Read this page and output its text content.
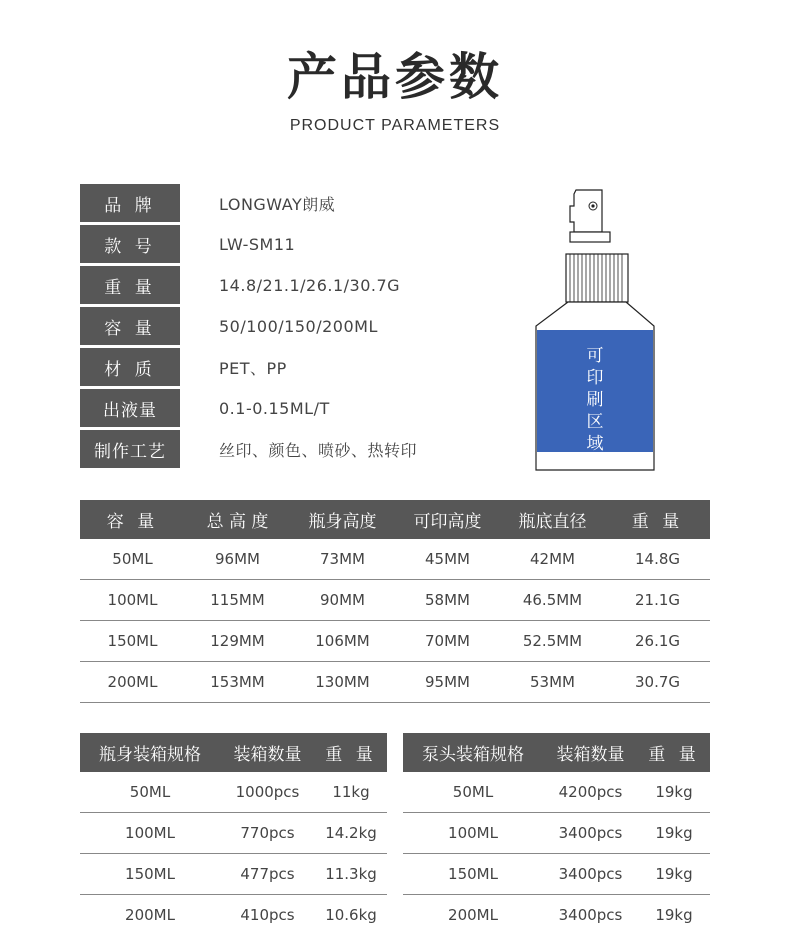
产品参数
PRODUCT PARAMETERS
品 牌	LONGWAY朗威
款 号	LW-SM11
重 量	14.8/21.1/26.1/30.7G
容 量	50/100/150/200ML
材 质	PET、PP
出液量	0.1-0.15ML/T
制作工艺	丝印、颜色、喷砂、热转印
可印刷区域
容 量	总 高 度	瓶身高度	可印高度	瓶底直径	重 量
50ML	96MM	73MM	45MM	42MM	14.8G
100ML	115MM	90MM	58MM	46.5MM	21.1G
150ML	129MM	106MM	70MM	52.5MM	26.1G
200ML	153MM	130MM	95MM	53MM	30.7G
瓶身装箱规格	装箱数量	重 量
50ML	1000pcs	11kg
100ML	770pcs	14.2kg
150ML	477pcs	11.3kg
200ML	410pcs	10.6kg
泵头装箱规格	装箱数量	重 量
50ML	4200pcs	19kg
100ML	3400pcs	19kg
150ML	3400pcs	19kg
200ML	3400pcs	19kg
